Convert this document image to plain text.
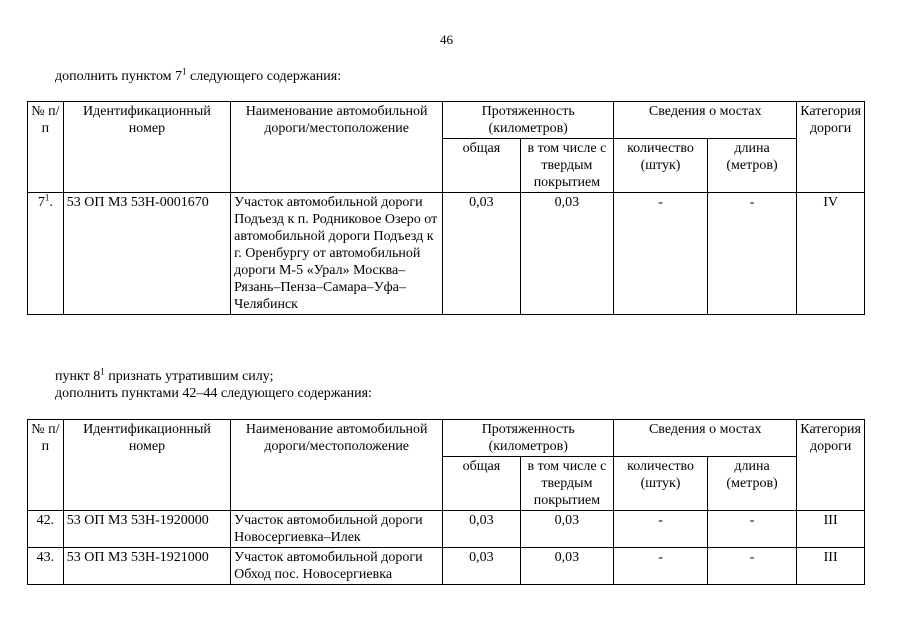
46
дополнить пунктом $7^1$ следующего содержания:
№ п/п	Идентификационный номер	Наименование автомобильной дороги/местоположение	Протяженность (километров)		Сведения о мостах		Категория дороги
			общая	в том числе с твердым покрытием	количество (штук)	длина (метров)	
$7^1$.	53 ОП МЗ 53Н-0001670	Участок автомобильной дороги Подъезд к п. Родниковое Озеро от автомобильной дороги Подъезд к г. Оренбургу от автомобильной дороги М-5 «Урал» Москва–Рязань–Пенза–Самара–Уфа–Челябинск	0,03	0,03	-	-	IV
пункт $8^1$ признать утратившим силу;
дополнить пунктами 42–44 следующего содержания:
№ п/п	Идентификационный номер	Наименование автомобильной дороги/местоположение	Протяженность (километров)		Сведения о мостах		Категория дороги
			общая	в том числе с твердым покрытием	количество (штук)	длина (метров)	
42.	53 ОП МЗ 53Н-1920000	Участок автомобильной дороги Новосергиевка–Илек	0,03	0,03	-	-	III
43.	53 ОП МЗ 53Н-1921000	Участок автомобильной дороги Обход пос. Новосергиевка	0,03	0,03	-	-	III
